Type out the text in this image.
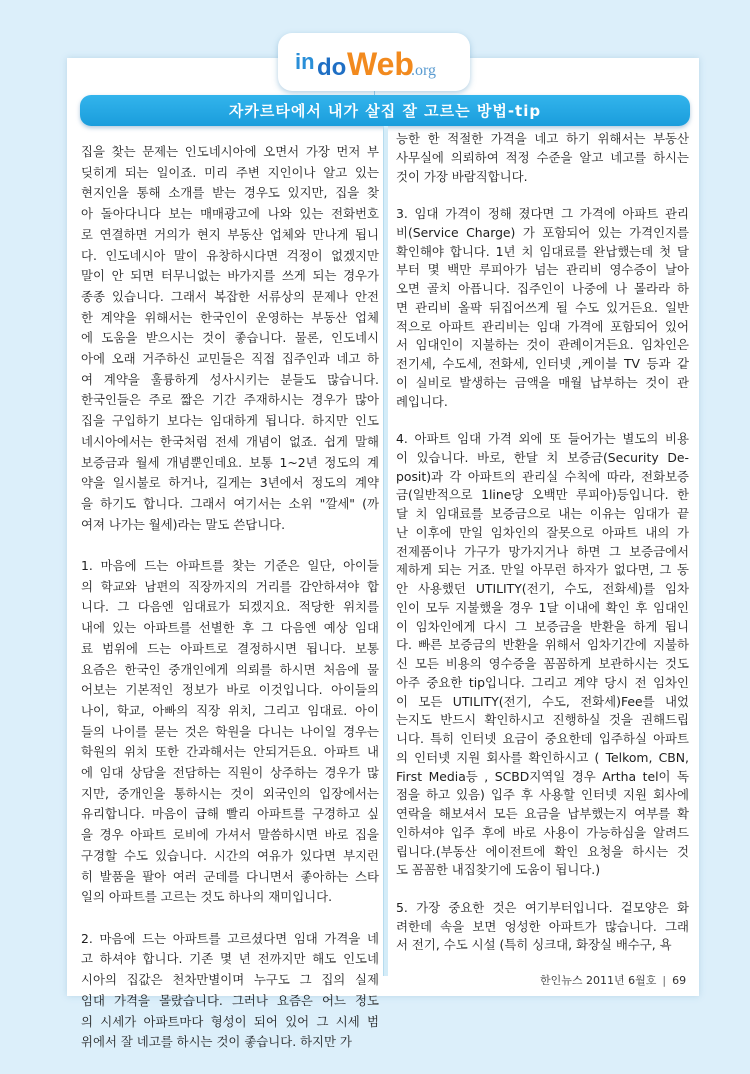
in do Web
.org
자카르타에서 내가 살집 잘 고르는 방법-tip
집을 찾는 문제는 인도네시아에 오면서 가장 먼저 부
딪히게 되는 일이죠. 미리 주변 지인이나 알고 있는
현지인을 통해 소개를 받는 경우도 있지만, 집을 찾
아 돌아다니다 보는 매매광고에 나와 있는 전화번호
로 연결하면 거의가 현지 부동산 업체와 만나게 됩니
다. 인도네시아 말이 유창하시다면 걱정이 없겠지만
말이 안 되면 터무니없는 바가지를 쓰게 되는 경우가
종종 있습니다. 그래서 복잡한 서류상의 문제나 안전
한 계약을 위해서는 한국인이 운영하는 부동산 업체
에 도움을 받으시는 것이 좋습니다. 물론, 인도네시
아에 오래 거주하신 교민들은 직접 집주인과 네고 하
여 계약을 훌륭하게 성사시키는 분들도 많습니다.
한국인들은 주로 짧은 기간 주재하시는 경우가 많아
집을 구입하기 보다는 임대하게 됩니다. 하지만 인도
네시아에서는 한국처럼 전세 개념이 없죠. 쉽게 말해
보증금과 월세 개념뿐인데요. 보통 1~2년 정도의 계
약을 일시불로 하거나, 길게는 3년에서 정도의 계약
을 하기도 합니다. 그래서 여기서는 소위 "깔세" (까
여져 나가는 월세)라는 말도 쓴답니다.
1. 마음에 드는 아파트를 찾는 기준은 일단, 아이들
의 학교와 남편의 직장까지의 거리를 감안하셔야 합
니다. 그 다음엔 임대료가 되겠지요. 적당한 위치를
내에 있는 아파트를 선별한 후 그 다음엔 예상 임대
료 범위에 드는 아파트로 결정하시면 됩니다. 보통
요즘은 한국인 중개인에게 의뢰를 하시면 처음에 물
어보는 기본적인 정보가 바로 이것입니다. 아이들의
나이, 학교, 아빠의 직장 위치, 그리고 임대료. 아이
들의 나이를 묻는 것은 학원을 다니는 나이일 경우는
학원의 위치 또한 간과해서는 안되거든요. 아파트 내
에 임대 상담을 전담하는 직원이 상주하는 경우가 많
지만, 중개인을 통하시는 것이 외국인의 입장에서는
유리합니다. 마음이 급해 빨리 아파트를 구경하고 싶
을 경우 아파트 로비에 가셔서 말씀하시면 바로 집을
구경할 수도 있습니다. 시간의 여유가 있다면 부지런
히 발품을 팔아 여러 군데를 다니면서 좋아하는 스타
일의 아파트를 고르는 것도 하나의 재미입니다.
2. 마음에 드는 아파트를 고르셨다면 임대 가격을 네
고 하셔야 합니다. 기존 몇 년 전까지만 해도 인도네
시아의 집값은 천차만별이며 누구도 그 집의 실제
임대 가격을 몰랐습니다. 그러나 요즘은 어느 정도
의 시세가 아파트마다 형성이 되어 있어 그 시세 범
위에서 잘 네고를 하시는 것이 좋습니다. 하지만 가
능한 한 적절한 가격을 네고 하기 위해서는 부동산
사무실에 의뢰하여 적정 수준을 알고 네고를 하시는
것이 가장 바람직합니다.
3. 임대 가격이 정해 졌다면 그 가격에 아파트 관리
비(Service Charge) 가 포함되어 있는 가격인지를
확인해야 합니다. 1년 치 임대료를 완납했는데 첫 달
부터 몇 백만 루피아가 넘는 관리비 영수증이 날아
오면 골치 아픕니다. 집주인이 나중에 나 몰라라 하
면 관리비 올팍 뒤집어쓰게 될 수도 있거든요. 일반
적으로 아파트 관리비는 임대 가격에 포함되어 있어
서 임대인이 지불하는 것이 관례이거든요. 임차인은
전기세, 수도세, 전화세, 인터넷 ,케이블 TV 등과 같
이 실비로 발생하는 금액을 매월 납부하는 것이 관
례입니다.
4. 아파트 임대 가격 외에 또 들어가는 별도의 비용
이 있습니다. 바로, 한달 치 보증금(Security De-
posit)과 각 아파트의 관리실 수칙에 따라, 전화보증
금(일반적으로 1line당 오백만 루피아)등입니다. 한
달 치 임대료를 보증금으로 내는 이유는 임대가 끝
난 이후에 만일 임차인의 잘못으로 아파트 내의 가
전제품이나 가구가 망가지거나 하면 그 보증금에서
제하게 되는 거죠. 만일 아무런 하자가 없다면, 그 동
안 사용했던 UTILITY(전기, 수도, 전화세)를 임차
인이 모두 지불했을 경우 1달 이내에 확인 후 임대인
이 임차인에게 다시 그 보증금을 반환을 하게 됩니
다. 빠른 보증금의 반환을 위해서 임차기간에 지불하
신 모든 비용의 영수증을 꼼꼼하게 보관하시는 것도
아주 중요한 tip입니다. 그리고 계약 당시 전 임차인
이 모든 UTILITY(전기, 수도, 전화세)Fee를 내었
는지도 반드시 확인하시고 진행하실 것을 권해드립
니다. 특히 인터넷 요금이 중요한데 입주하실 아파트
의 인터넷 지원 회사를 확인하시고 ( Telkom, CBN,
First Media등 , SCBD지역일 경우 Artha tel이 독
점을 하고 있음) 입주 후 사용할 인터넷 지원 회사에
연락을 해보셔서 모든 요금을 납부했는지 여부를 확
인하셔야 입주 후에 바로 사용이 가능하심을 알려드
립니다.(부동산 에이전트에 확인 요청을 하시는 것
도 꼼꼼한 내집찾기에 도움이 됩니다.)
5. 가장 중요한 것은 여기부터입니다. 겉모양은 화
려한데 속을 보면 엉성한 아파트가 많습니다. 그래
서 전기, 수도 시설 (특히 싱크대, 화장실 배수구, 욕
한인뉴스 2011년 6월호 | 69
